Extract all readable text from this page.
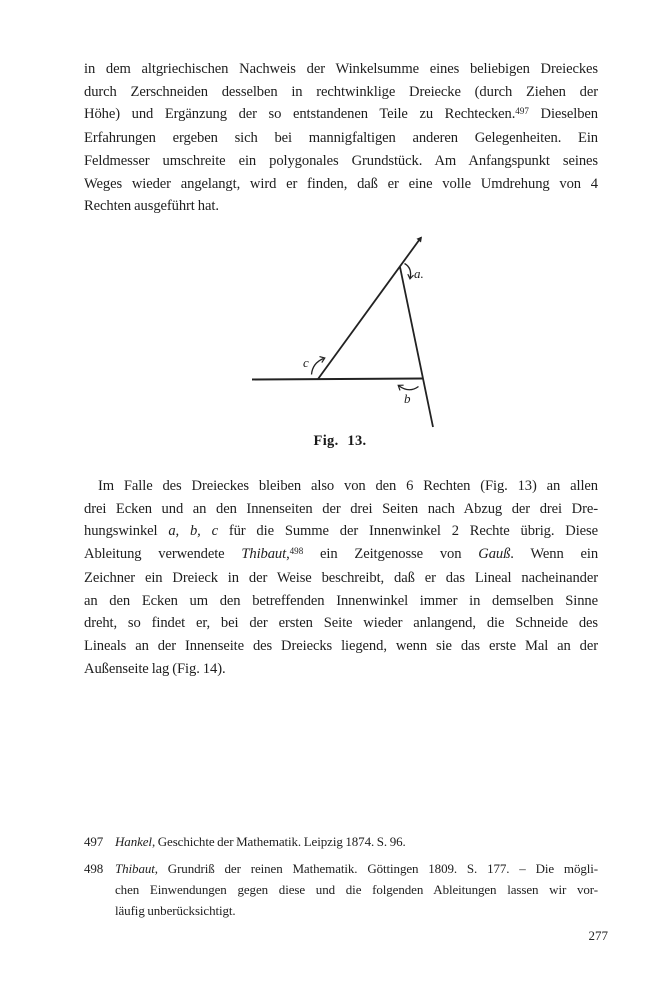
in dem altgriechischen Nachweis der Winkelsumme eines beliebigen Dreieckes
durch Zerschneiden desselben in rechtwinklige Dreiecke (durch Ziehen der
Höhe) und Ergänzung der so entstandenen Teile zu Rechtecken.$^{497}$ Dieselben
Erfahrungen ergeben sich bei mannigfaltigen anderen Gelegenheiten. Ein
Feldmesser umschreite ein polygonales Grundstück. Am Anfangspunkt seines
Weges wieder angelangt, wird er finden, daß er eine volle Umdrehung von 4
Rechten ausgeführt hat.
a.
c
b
Fig. 13.
Im Falle des Dreieckes bleiben also von den 6 Rechten (Fig. 13) an allen
drei Ecken und an den Innenseiten der drei Seiten nach Abzug der drei Dre-
hungswinkel a, b, c für die Summe der Innenwinkel 2 Rechte übrig. Diese
Ableitung verwendete Thibaut,$^{498}$ ein Zeitgenosse von Gauß. Wenn ein
Zeichner ein Dreieck in der Weise beschreibt, daß er das Lineal nacheinander
an den Ecken um den betreffenden Innenwinkel immer in demselben Sinne
dreht, so findet er, bei der ersten Seite wieder anlangend, die Schneide des
Lineals an der Innenseite des Dreiecks liegend, wenn sie das erste Mal an der
Außenseite lag (Fig. 14).
497 Hankel, Geschichte der Mathematik. Leipzig 1874. S. 96.
498 Thibaut, Grundriß der reinen Mathematik. Göttingen 1809. S. 177. – Die mögli-
chen Einwendungen gegen diese und die folgenden Ableitungen lassen wir vor-
läufig unberücksichtigt.
277
